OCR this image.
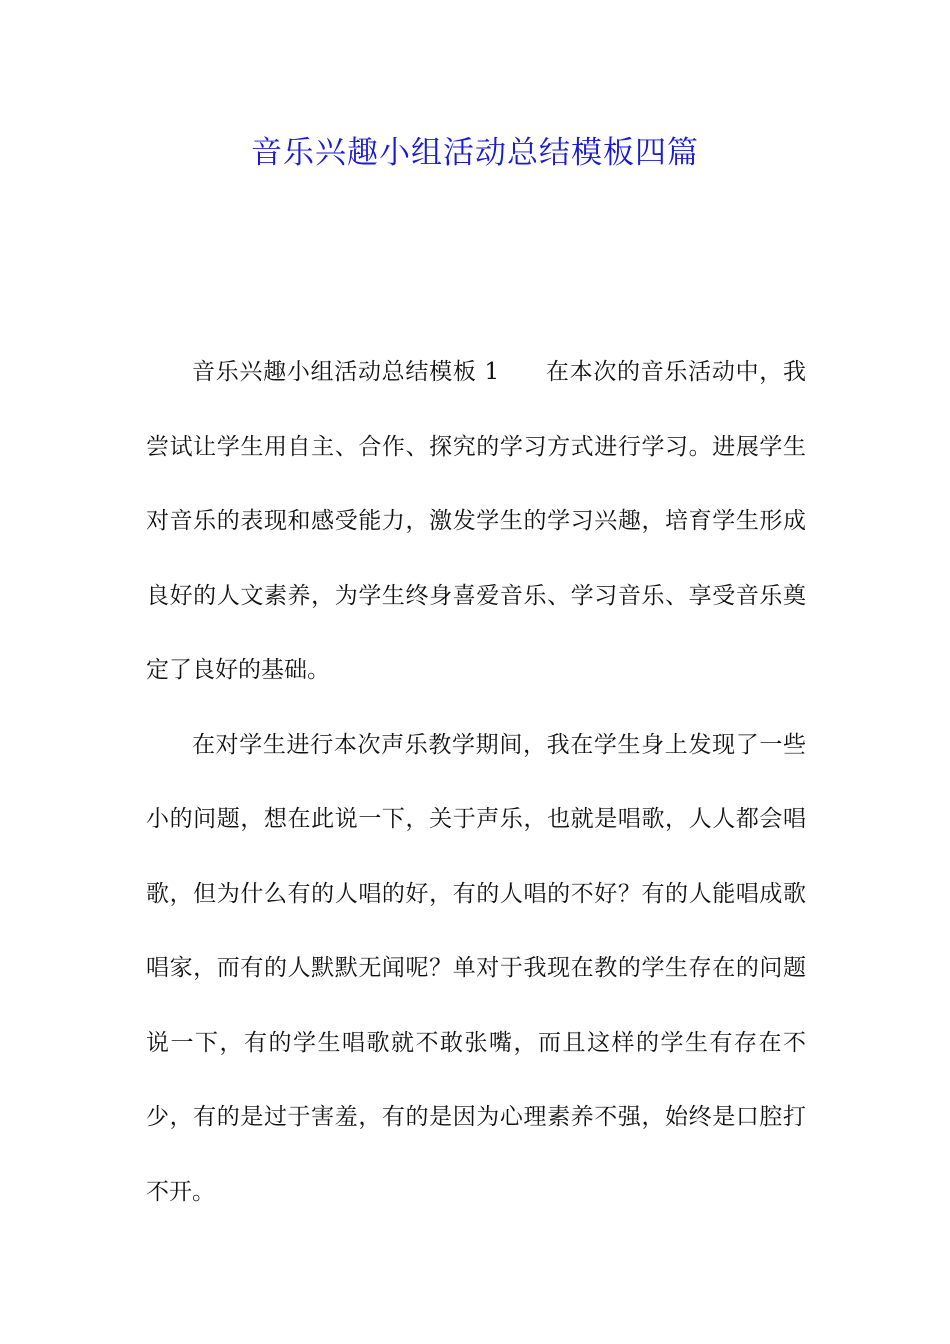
音乐兴趣小组活动总结模板四篇

音乐兴趣小组活动总结模板 1 在本次的音乐活动中，我尝试让学生用自主、合作、探究的学习方式进行学习。进展学生对音乐的表现和感受能力，激发学生的学习兴趣，培育学生形成良好的人文素养，为学生终身喜爱音乐、学习音乐、享受音乐奠定了良好的基础。

在对学生进行本次声乐教学期间，我在学生身上发现了一些小的问题，想在此说一下，关于声乐，也就是唱歌，人人都会唱歌，但为什么有的人唱的好，有的人唱的不好？有的人能唱成歌唱家，而有的人默默无闻呢？单对于我现在教的学生存在的问题说一下，有的学生唱歌就不敢张嘴，而且这样的学生有存在不少，有的是过于害羞，有的是因为心理素养不强，始终是口腔打不开。
